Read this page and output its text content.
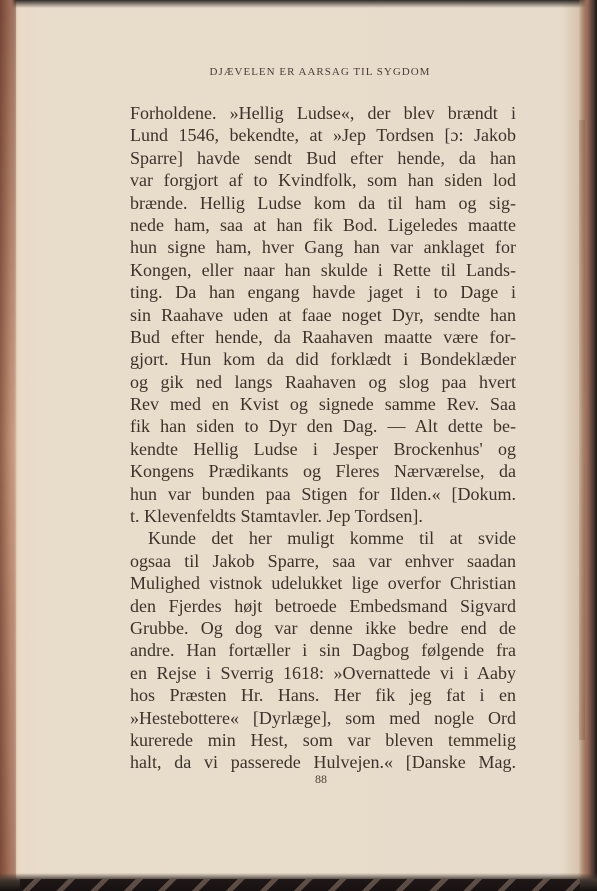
DJÆVELEN ER AARSAG TIL SYGDOM
Forholdene. »Hellig Ludse«, der blev brændt i
Lund 1546, bekendte, at »Jep Tordsen [ɔ: Jakob
Sparre] havde sendt Bud efter hende, da han
var forgjort af to Kvindfolk, som han siden lod
brænde. Hellig Ludse kom da til ham og sig-
nede ham, saa at han fik Bod. Ligeledes maatte
hun signe ham, hver Gang han var anklaget for
Kongen, eller naar han skulde i Rette til Lands-
ting. Da han engang havde jaget i to Dage i
sin Raahave uden at faae noget Dyr, sendte han
Bud efter hende, da Raahaven maatte være for-
gjort. Hun kom da did forklædt i Bondeklæder
og gik ned langs Raahaven og slog paa hvert
Rev med en Kvist og signede samme Rev. Saa
fik han siden to Dyr den Dag. — Alt dette be-
kendte Hellig Ludse i Jesper Brockenhus' og
Kongens Prædikants og Fleres Nærværelse, da
hun var bunden paa Stigen for Ilden.« [Dokum.
t. Klevenfeldts Stamtavler. Jep Tordsen].
Kunde det her muligt komme til at svide
ogsaa til Jakob Sparre, saa var enhver saadan
Mulighed vistnok udelukket lige overfor Christian
den Fjerdes højt betroede Embedsmand Sigvard
Grubbe. Og dog var denne ikke bedre end de
andre. Han fortæller i sin Dagbog følgende fra
en Rejse i Sverrig 1618: »Overnattede vi i Aaby
hos Præsten Hr. Hans. Her fik jeg fat i en
»Hestebottere« [Dyrlæge], som med nogle Ord
kurerede min Hest, som var bleven temmelig
halt, da vi passerede Hulvejen.« [Danske Mag.
88
